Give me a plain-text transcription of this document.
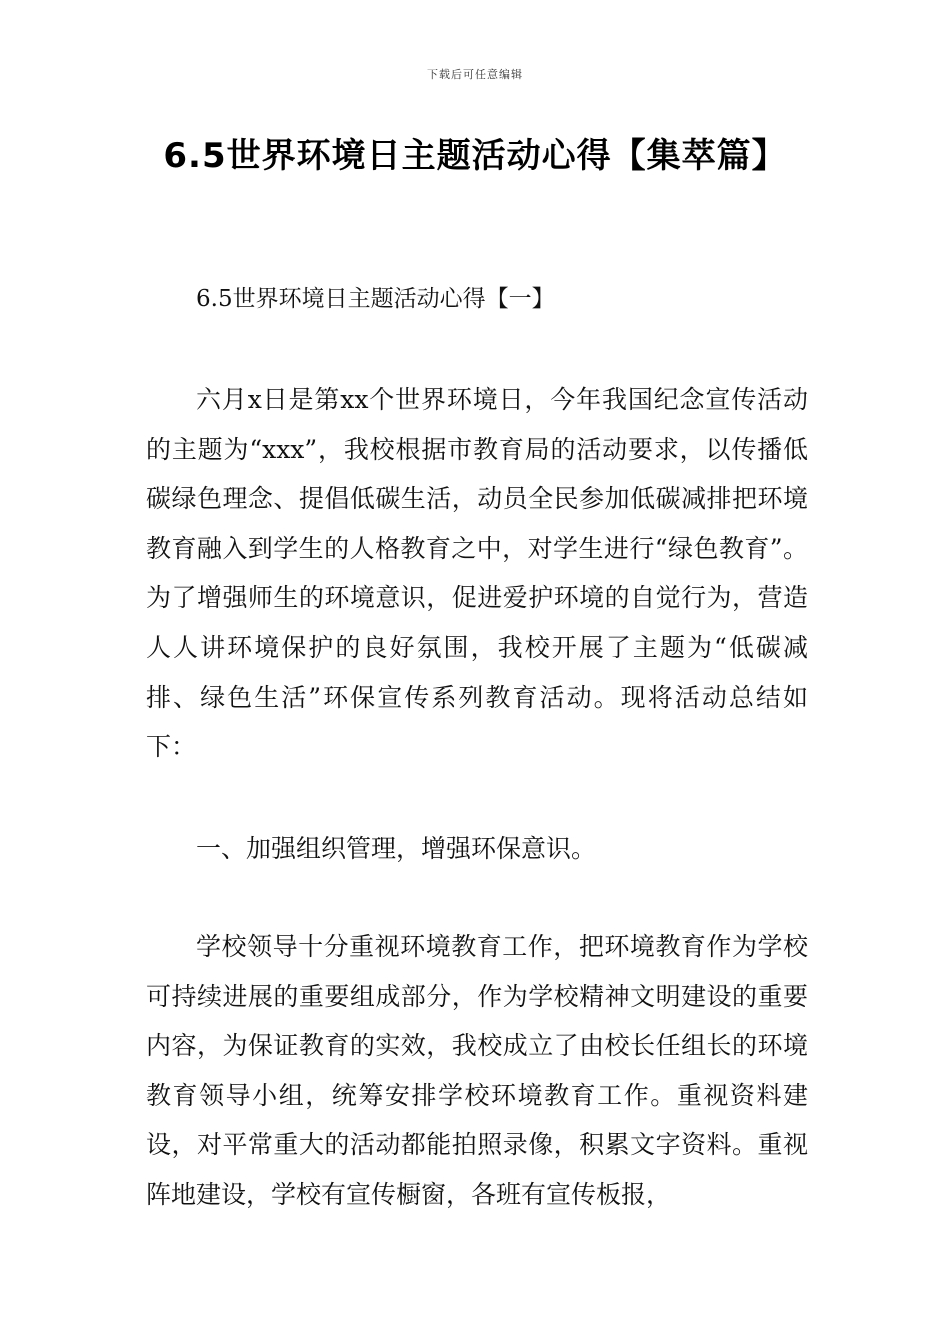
下载后可任意编辑
6.5世界环境日主题活动心得【集萃篇】
6.5世界环境日主题活动心得【一】

六月x日是第xx个世界环境日，今年我国纪念宣传活动的主题为“xxx”，我校根据市教育局的活动要求，以传播低碳绿色理念、提倡低碳生活，动员全民参加低碳减排把环境教育融入到学生的人格教育之中，对学生进行“绿色教育”。为了增强师生的环境意识，促进爱护环境的自觉行为，营造人人讲环境保护的良好氛围，我校开展了主题为“低碳减排、绿色生活”环保宣传系列教育活动。现将活动总结如下：

一、加强组织管理，增强环保意识。

学校领导十分重视环境教育工作，把环境教育作为学校可持续进展的重要组成部分，作为学校精神文明建设的重要内容，为保证教育的实效，我校成立了由校长任组长的环境教育领导小组，统筹安排学校环境教育工作。重视资料建设，对平常重大的活动都能拍照录像，积累文字资料。重视阵地建设，学校有宣传橱窗，各班有宣传板报，
